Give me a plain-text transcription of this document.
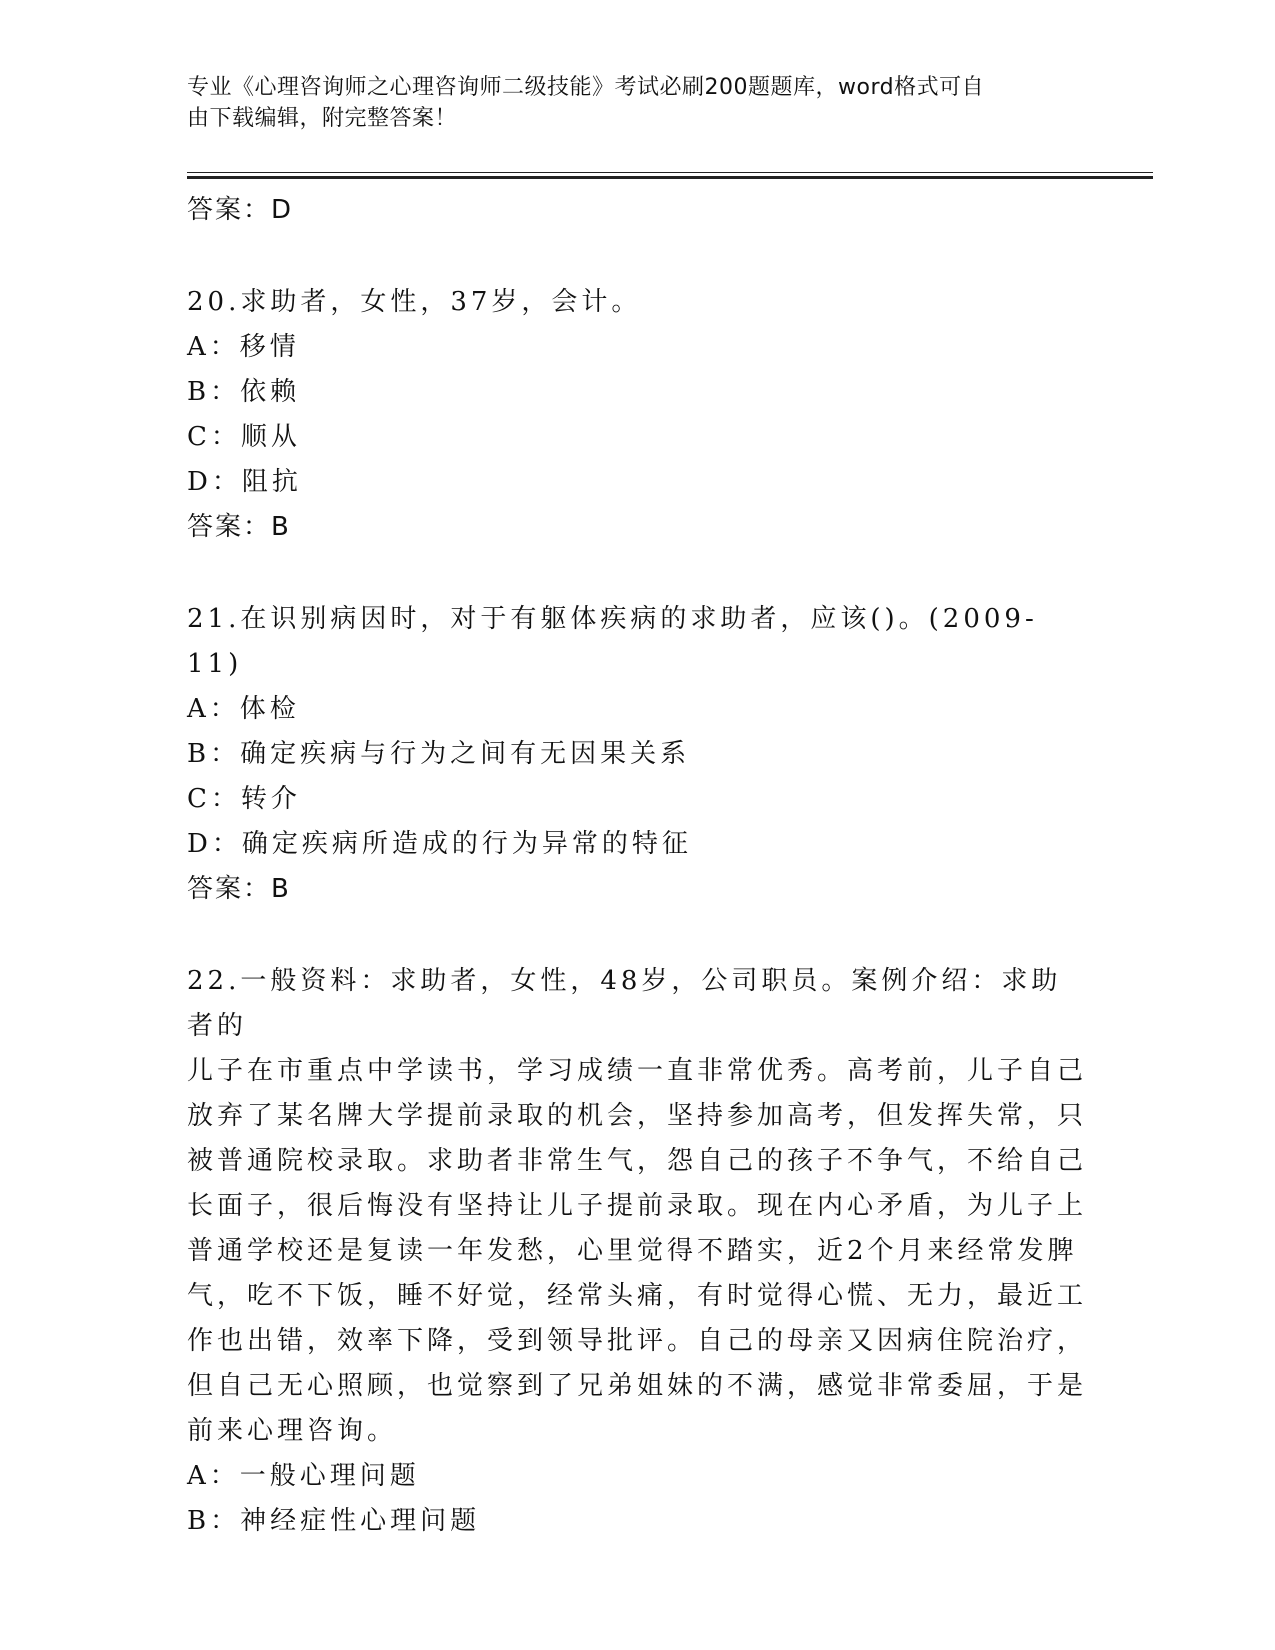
专业《心理咨询师之心理咨询师二级技能》考试必刷200题题库，word格式可自
由下载编辑，附完整答案！
答案：D
20.求助者，女性，37岁，会计。
A：移情
B：依赖
C：顺从
D：阻抗
答案：B
21.在识别病因时，对于有躯体疾病的求助者，应该()。(2009-11)
A：体检
B：确定疾病与行为之间有无因果关系
C：转介
D：确定疾病所造成的行为异常的特征
答案：B
22.一般资料：求助者，女性，48岁，公司职员。案例介绍：求助者的
儿子在市重点中学读书，学习成绩一直非常优秀。高考前，儿子自己
放弃了某名牌大学提前录取的机会，坚持参加高考，但发挥失常，只
被普通院校录取。求助者非常生气，怨自己的孩子不争气，不给自己
长面子，很后悔没有坚持让儿子提前录取。现在内心矛盾，为儿子上
普通学校还是复读一年发愁，心里觉得不踏实，近2个月来经常发脾
气，吃不下饭，睡不好觉，经常头痛，有时觉得心慌、无力，最近工
作也出错，效率下降，受到领导批评。自己的母亲又因病住院治疗，
但自己无心照顾，也觉察到了兄弟姐妹的不满，感觉非常委屈，于是
前来心理咨询。
A：一般心理问题
B：神经症性心理问题
